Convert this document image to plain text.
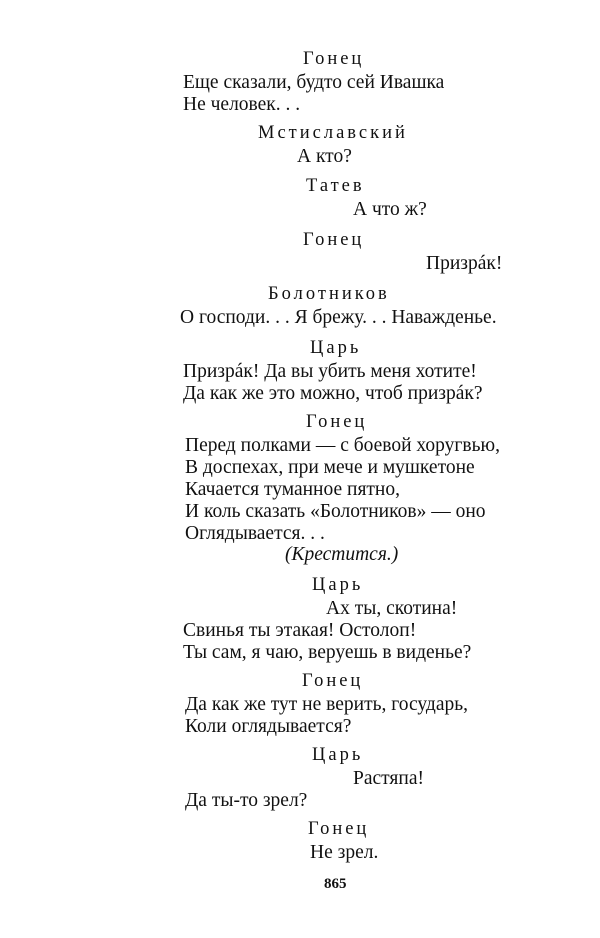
Гонец
Еще сказали, будто сей Ивашка
Не человек. . .
Мстиславский
А кто?
Татев
А что ж?
Гонец
Призрáк!
Болотников
О господи. . . Я брежу. . . Наважденье.
Царь
Призрáк! Да вы убить меня хотите!
Да как же это можно, чтоб призрáк?
Гонец
Перед полками — с боевой хоругвью,
В доспехах, при мече и мушкетоне
Качается туманное пятно,
И коль сказать «Болотников» — оно
Оглядывается. . .
(Крестится.)
Царь
Ах ты, скотина!
Свинья ты этакая! Остолоп!
Ты сам, я чаю, веруешь в виденье?
Гонец
Да как же тут не верить, государь,
Коли оглядывается?
Царь
Растяпа!
Да ты-то зрел?
Гонец
Не зрел.
865
